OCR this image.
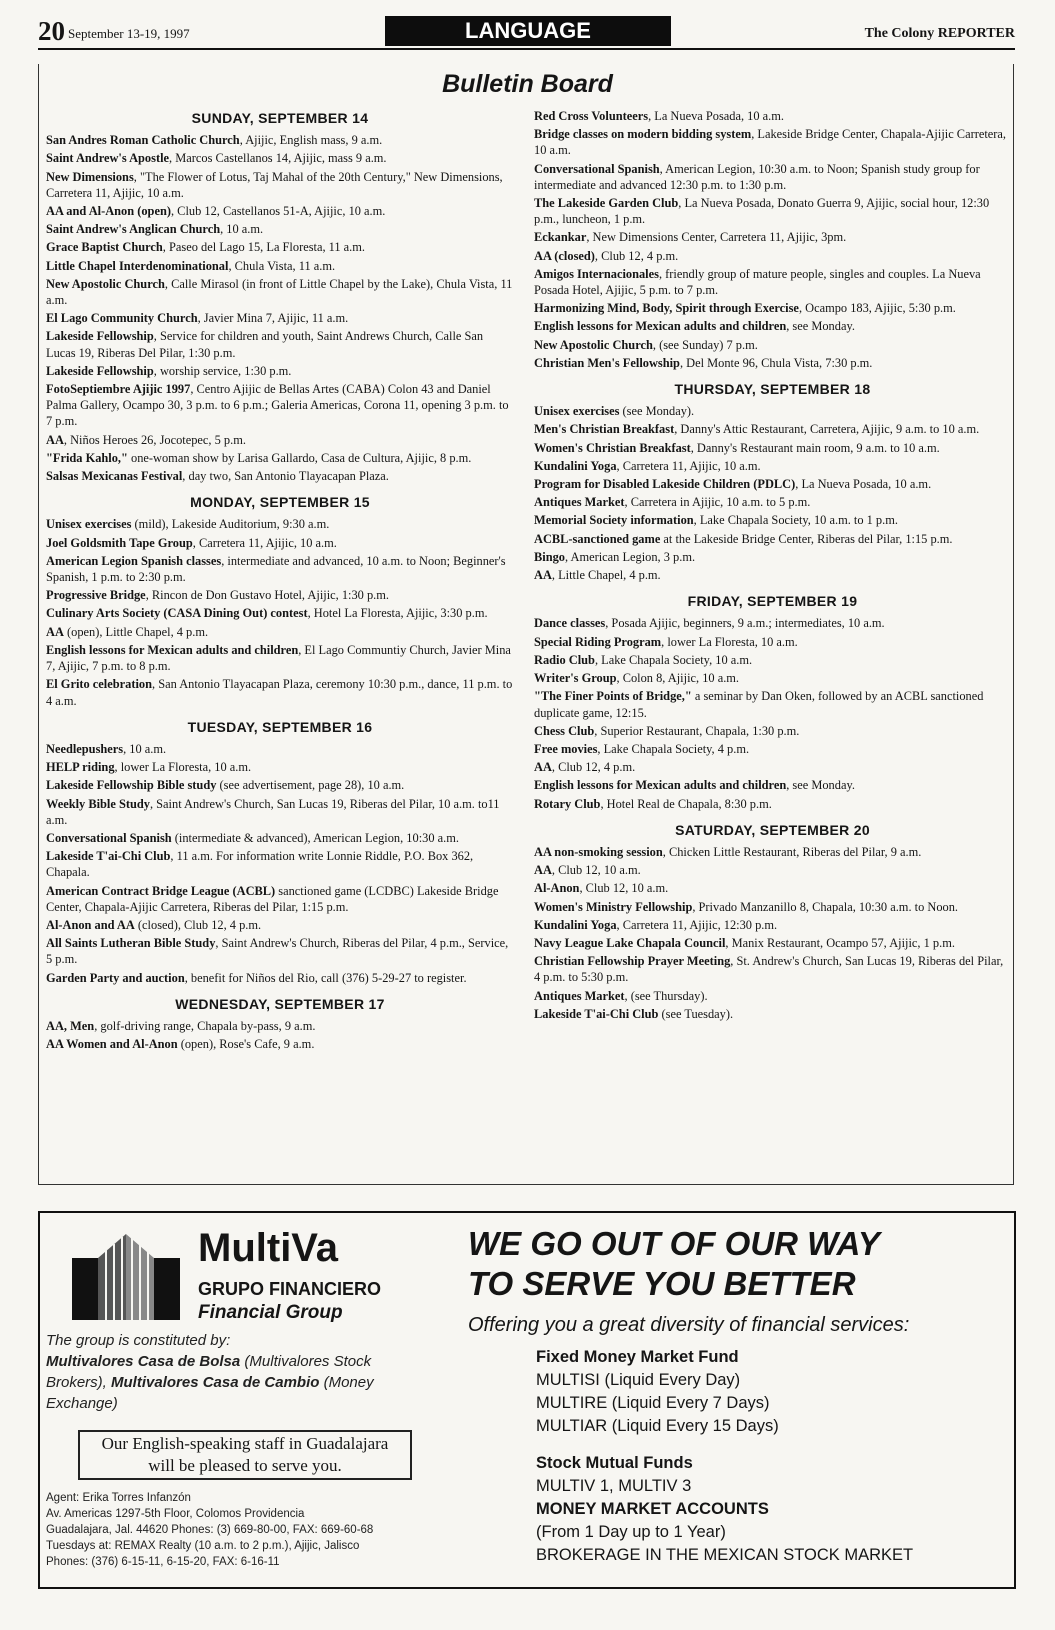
20 September 13-19, 1997	LANGUAGE	The Colony REPORTER
Bulletin Board
SUNDAY, SEPTEMBER 14
San Andres Roman Catholic Church, Ajijic, English mass, 9 a.m.
Saint Andrew's Apostle, Marcos Castellanos 14, Ajijic, mass 9 a.m.
New Dimensions, "The Flower of Lotus, Taj Mahal of the 20th Century," New Dimensions, Carretera 11, Ajijic, 10 a.m.
AA and Al-Anon (open), Club 12, Castellanos 51-A, Ajijic, 10 a.m.
Saint Andrew's Anglican Church, 10 a.m.
Grace Baptist Church, Paseo del Lago 15, La Floresta, 11 a.m.
Little Chapel Interdenominational, Chula Vista, 11 a.m.
New Apostolic Church, Calle Mirasol (in front of Little Chapel by the Lake), Chula Vista, 11 a.m.
El Lago Community Church, Javier Mina 7, Ajijic, 11 a.m.
Lakeside Fellowship, Service for children and youth, Saint Andrews Church, Calle San Lucas 19, Riberas Del Pilar, 1:30 p.m.
Lakeside Fellowship, worship service, 1:30 p.m.
FotoSeptiembre Ajijic 1997, Centro Ajijic de Bellas Artes (CABA) Colon 43 and Daniel Palma Gallery, Ocampo 30, 3 p.m. to 6 p.m.; Galeria Americas, Corona 11, opening 3 p.m. to 7 p.m.
AA, Niños Heroes 26, Jocotepec, 5 p.m.
"Frida Kahlo," one-woman show by Larisa Gallardo, Casa de Cultura, Ajijic, 8 p.m.
Salsas Mexicanas Festival, day two, San Antonio Tlayacapan Plaza.
MONDAY, SEPTEMBER 15
Unisex exercises (mild), Lakeside Auditorium, 9:30 a.m.
Joel Goldsmith Tape Group, Carretera 11, Ajijic, 10 a.m.
American Legion Spanish classes, intermediate and advanced, 10 a.m. to Noon; Beginner's Spanish, 1 p.m. to 2:30 p.m.
Progressive Bridge, Rincon de Don Gustavo Hotel, Ajijic, 1:30 p.m.
Culinary Arts Society (CASA Dining Out) contest, Hotel La Floresta, Ajijic, 3:30 p.m.
AA (open), Little Chapel, 4 p.m.
English lessons for Mexican adults and children, El Lago Communtiy Church, Javier Mina 7, Ajijic, 7 p.m. to 8 p.m.
El Grito celebration, San Antonio Tlayacapan Plaza, ceremony 10:30 p.m., dance, 11 p.m. to 4 a.m.
TUESDAY, SEPTEMBER 16
Needlepushers, 10 a.m.
HELP riding, lower La Floresta, 10 a.m.
Lakeside Fellowship Bible study (see advertisement, page 28), 10 a.m.
Weekly Bible Study, Saint Andrew's Church, San Lucas 19, Riberas del Pilar, 10 a.m. to11 a.m.
Conversational Spanish (intermediate & advanced), American Legion, 10:30 a.m.
Lakeside T'ai-Chi Club, 11 a.m. For information write Lonnie Riddle, P.O. Box 362, Chapala.
American Contract Bridge League (ACBL) sanctioned game (LCDBC) Lakeside Bridge Center, Chapala-Ajijic Carretera, Riberas del Pilar, 1:15 p.m.
Al-Anon and AA (closed), Club 12, 4 p.m.
All Saints Lutheran Bible Study, Saint Andrew's Church, Riberas del Pilar, 4 p.m., Service, 5 p.m.
Garden Party and auction, benefit for Niños del Rio, call (376) 5-29-27 to register.
WEDNESDAY, SEPTEMBER 17
AA, Men, golf-driving range, Chapala by-pass, 9 a.m.
AA Women and Al-Anon (open), Rose's Cafe, 9 a.m.
Red Cross Volunteers, La Nueva Posada, 10 a.m.
Bridge classes on modern bidding system, Lakeside Bridge Center, Chapala-Ajijic Carretera, 10 a.m.
Conversational Spanish, American Legion, 10:30 a.m. to Noon; Spanish study group for intermediate and advanced 12:30 p.m. to 1:30 p.m.
The Lakeside Garden Club, La Nueva Posada, Donato Guerra 9, Ajijic, social hour, 12:30 p.m., luncheon, 1 p.m.
Eckankar, New Dimensions Center, Carretera 11, Ajijic, 3pm.
AA (closed), Club 12, 4 p.m.
Amigos Internacionales, friendly group of mature people, singles and couples. La Nueva Posada Hotel, Ajijic, 5 p.m. to 7 p.m.
Harmonizing Mind, Body, Spirit through Exercise, Ocampo 183, Ajijic, 5:30 p.m.
English lessons for Mexican adults and children, see Monday.
New Apostolic Church, (see Sunday) 7 p.m.
Christian Men's Fellowship, Del Monte 96, Chula Vista, 7:30 p.m.
THURSDAY, SEPTEMBER 18
Unisex exercises (see Monday).
Men's Christian Breakfast, Danny's Attic Restaurant, Carretera, Ajijic, 9 a.m. to 10 a.m.
Women's Christian Breakfast, Danny's Restaurant main room, 9 a.m. to 10 a.m.
Kundalini Yoga, Carretera 11, Ajijic, 10 a.m.
Program for Disabled Lakeside Children (PDLC), La Nueva Posada, 10 a.m.
Antiques Market, Carretera in Ajijic, 10 a.m. to 5 p.m.
Memorial Society information, Lake Chapala Society, 10 a.m. to 1 p.m.
ACBL-sanctioned game at the Lakeside Bridge Center, Riberas del Pilar, 1:15 p.m.
Bingo, American Legion, 3 p.m.
AA, Little Chapel, 4 p.m.
FRIDAY, SEPTEMBER 19
Dance classes, Posada Ajijic, beginners, 9 a.m.; intermediates, 10 a.m.
Special Riding Program, lower La Floresta, 10 a.m.
Radio Club, Lake Chapala Society, 10 a.m.
Writer's Group, Colon 8, Ajijic, 10 a.m.
"The Finer Points of Bridge," a seminar by Dan Oken, followed by an ACBL sanctioned duplicate game, 12:15.
Chess Club, Superior Restaurant, Chapala, 1:30 p.m.
Free movies, Lake Chapala Society, 4 p.m.
AA, Club 12, 4 p.m.
English lessons for Mexican adults and children, see Monday.
Rotary Club, Hotel Real de Chapala, 8:30 p.m.
SATURDAY, SEPTEMBER 20
AA non-smoking session, Chicken Little Restaurant, Riberas del Pilar, 9 a.m.
AA, Club 12, 10 a.m.
Al-Anon, Club 12, 10 a.m.
Women's Ministry Fellowship, Privado Manzanillo 8, Chapala, 10:30 a.m. to Noon.
Kundalini Yoga, Carretera 11, Ajijic, 12:30 p.m.
Navy League Lake Chapala Council, Manix Restaurant, Ocampo 57, Ajijic, 1 p.m.
Christian Fellowship Prayer Meeting, St. Andrew's Church, San Lucas 19, Riberas del Pilar, 4 p.m. to 5:30 p.m.
Antiques Market, (see Thursday).
Lakeside T'ai-Chi Club (see Tuesday).
MultiVa
GRUPO FINANCIERO
Financial Group
The group is constituted by:
Multivalores Casa de Bolsa (Multivalores Stock Brokers), Multivalores Casa de Cambio (Money Exchange)
Our English-speaking staff in Guadalajara
will be pleased to serve you.
Agent: Erika Torres Infanzón
Av. Americas 1297-5th Floor, Colomos Providencia
Guadalajara, Jal. 44620 Phones: (3) 669-80-00, FAX: 669-60-68
Tuesdays at: REMAX Realty (10 a.m. to 2 p.m.), Ajijic, Jalisco
Phones: (376) 6-15-11, 6-15-20, FAX: 6-16-11
WE GO OUT OF OUR WAY
TO SERVE YOU BETTER
Offering you a great diversity of financial services:
Fixed Money Market Fund
MULTISI (Liquid Every Day)
MULTIRE (Liquid Every 7 Days)
MULTIAR (Liquid Every 15 Days)
Stock Mutual Funds
MULTIV 1, MULTIV 3
MONEY MARKET ACCOUNTS
(From 1 Day up to 1 Year)
BROKERAGE IN THE MEXICAN STOCK MARKET
